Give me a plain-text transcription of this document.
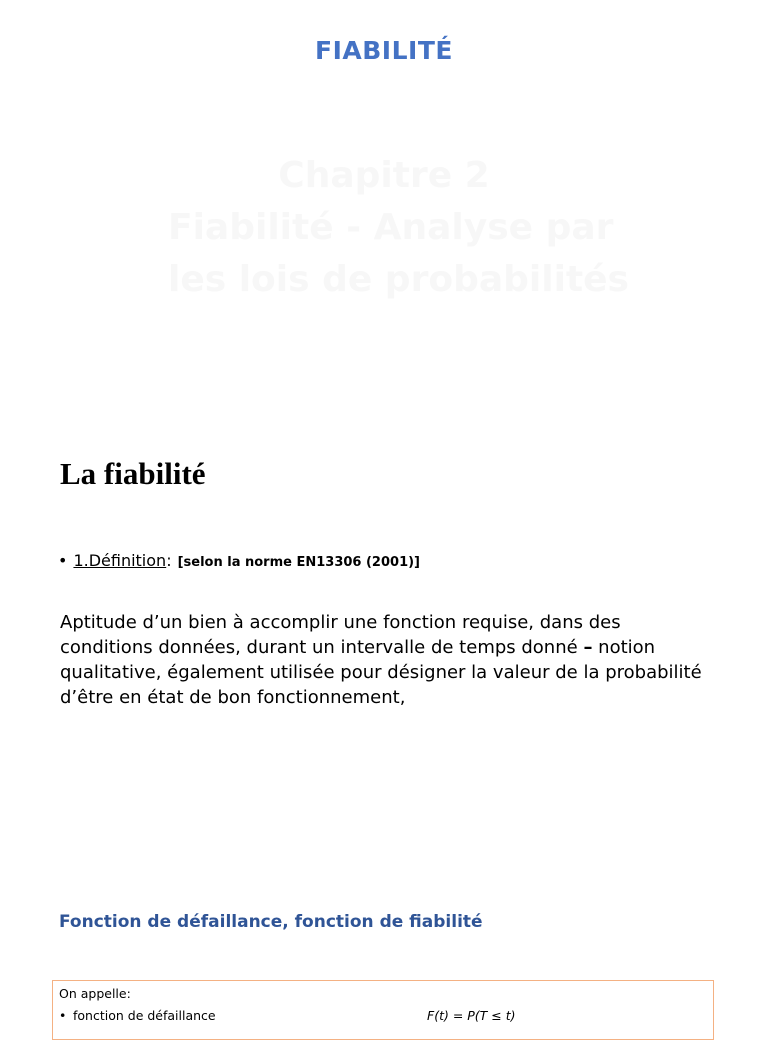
FIABILITÉ
Chapitre 2
Fiabilité - Analyse par
les lois de probabilités
La fiabilité
• 1.Définition: [selon la norme EN13306 (2001)]
Aptitude d’un bien à accomplir une fonction requise, dans des
conditions données, durant un intervalle de temps donné – notion
qualitative, également utilisée pour désigner la valeur de la probabilité
d’être en état de bon fonctionnement,
Fonction de défaillance, fonction de fiabilité
On appelle:
• fonction de défaillance	F(t) = P(T ≤ t)
